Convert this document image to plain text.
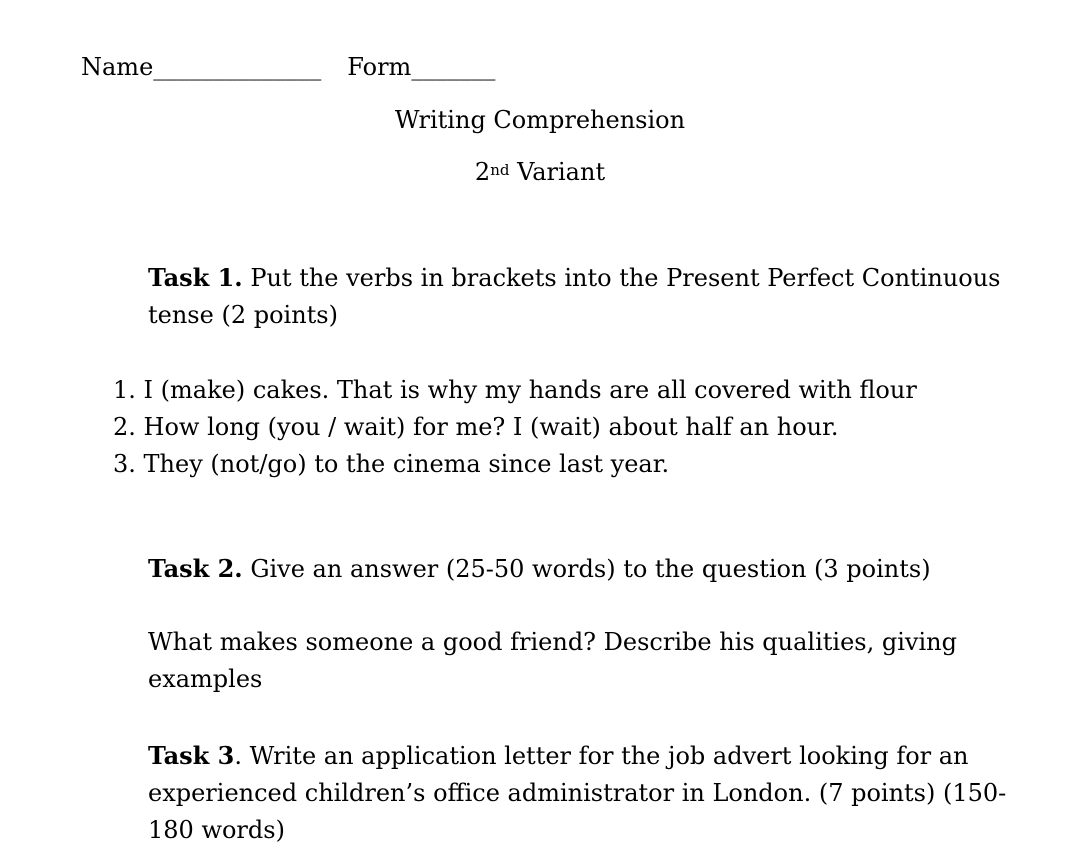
Name______________ Form_______
Writing Comprehension
2nd Variant
Task 1. Put the verbs in brackets into the Present Perfect Continuous tense (2 points)
1. I (make) cakes. That is why my hands are all covered with flour
2. How long (you / wait) for me? I (wait) about half an hour.
3. They (not/go) to the cinema since last year.
Task 2. Give an answer (25-50 words) to the question (3 points)
What makes someone a good friend? Describe his qualities, giving examples
Task 3. Write an application letter for the job advert looking for an experienced children’s office administrator in London. (7 points) (150-180 words)
